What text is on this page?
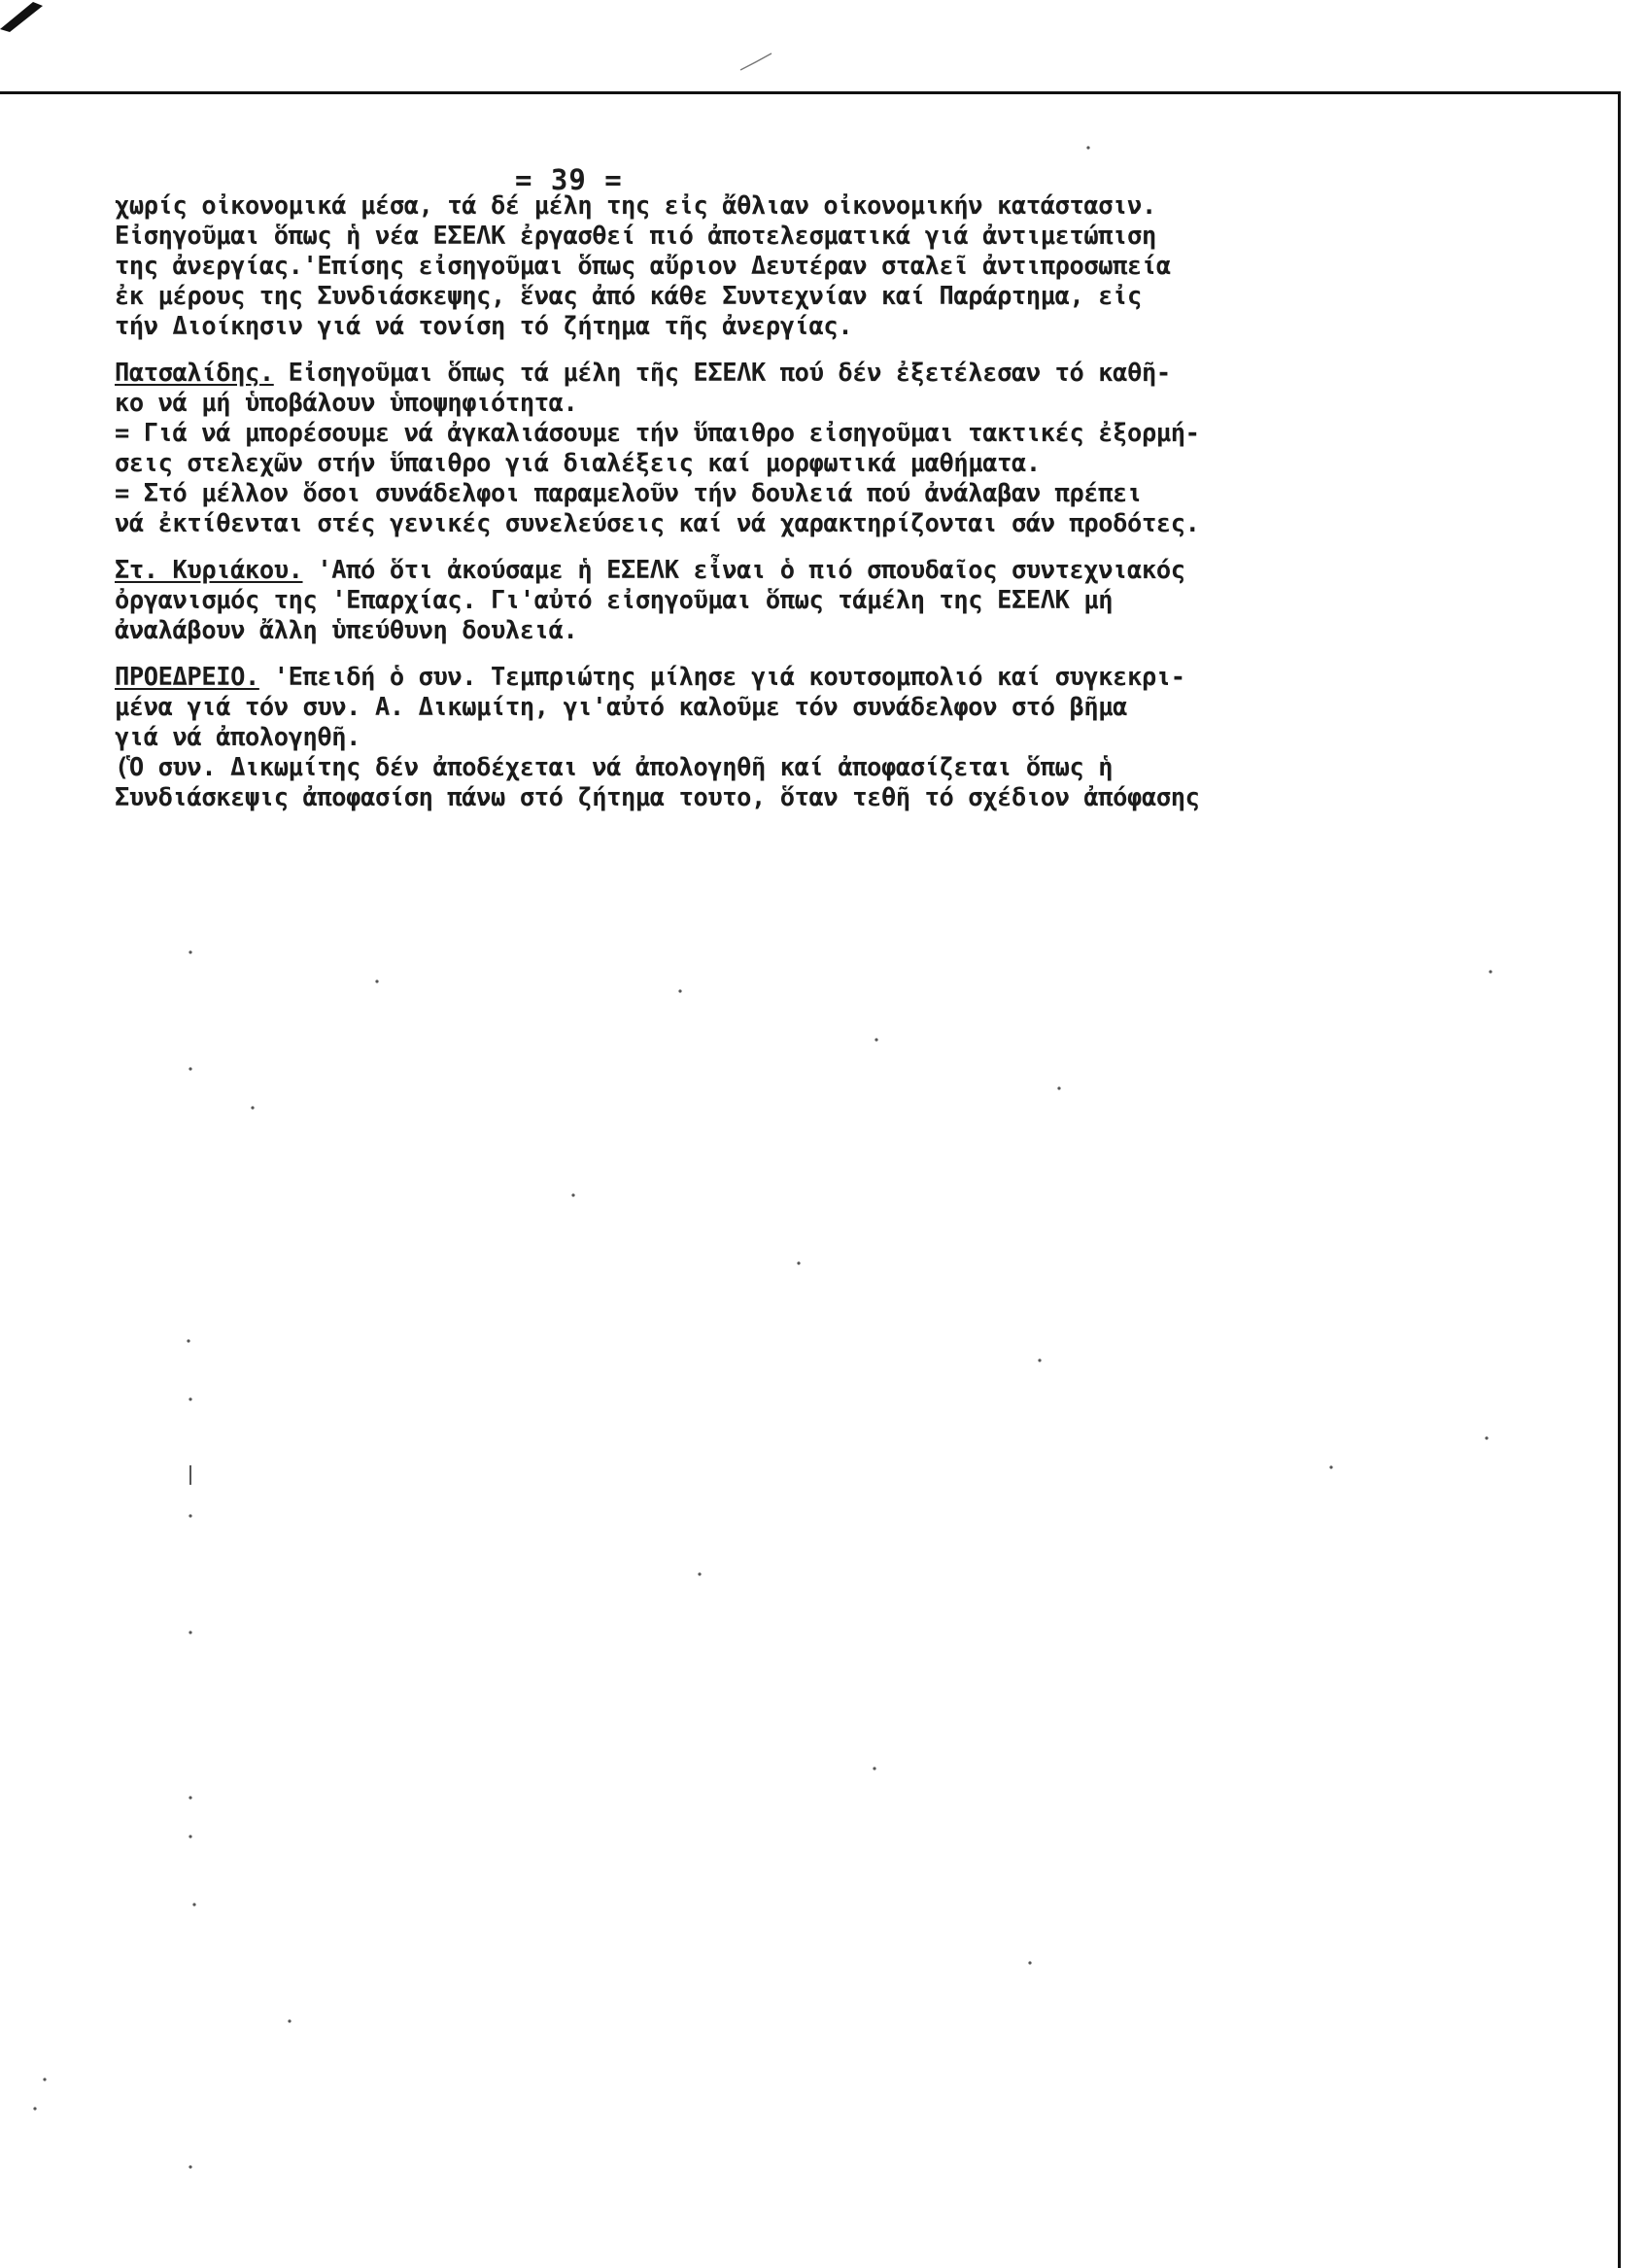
= 39 =
χωρίς οἰκονομικά μέσα, τά δέ μέλη της εἰς ἄθλιαν οἰκονομικήν κατάστασιν.
Εἰσηγοῦμαι ὅπως ἡ νέα ΕΣΕΛΚ ἐργασθεί πιό ἀποτελεσματικά γιά ἀντιμετώπιση
της ἀνεργίας.'Επίσης εἰσηγοῦμαι ὅπως αὔριον Δευτέραν σταλεῖ ἀντιπροσωπεία
ἐκ μέρους της Συνδιάσκεψης, ἕνας ἀπό κάθε Συντεχνίαν καί Παράρτημα, εἰς
τήν Διοίκησιν γιά νά τονίση τό ζήτημα τῆς ἀνεργίας.
Πατσαλίδης. Εἰσηγοῦμαι ὅπως τά μέλη τῆς ΕΣΕΛΚ πού δέν ἐξετέλεσαν τό καθῆ-
κο νά μή ὑποβάλουν ὑποψηφιότητα.
= Γιά νά μπορέσουμε νά ἀγκαλιάσουμε τήν ὕπαιθρο εἰσηγοῦμαι τακτικές ἐξορμή-
σεις στελεχῶν στήν ὕπαιθρο γιά διαλέξεις καί μορφωτικά μαθήματα.
= Στό μέλλον ὅσοι συνάδελφοι παραμελοῦν τήν δουλειά πού ἀνάλαβαν πρέπει
νά ἐκτίθενται στές γενικές συνελεύσεις καί νά χαρακτηρίζονται σάν προδότες.
Στ. Κυριάκου. 'Από ὅτι ἀκούσαμε ἡ ΕΣΕΛΚ εἶναι ὁ πιό σπουδαῖος συντεχνιακός
ὀργανισμός της 'Επαρχίας. Γι'αὐτό εἰσηγοῦμαι ὅπως τάμέλη της ΕΣΕΛΚ μή
ἀναλάβουν ἄλλη ὑπεύθυνη δουλειά.
ΠΡΟΕΔΡΕΙΟ. 'Επειδή ὁ συν. Τεμπριώτης μίλησε γιά κουτσομπολιό καί συγκεκρι-
μένα γιά τόν συν. Α. Δικωμίτη, γι'αὐτό καλοῦμε τόν συνάδελφον στό βῆμα
γιά νά ἀπολογηθῆ.
(Ὁ συν. Δικωμίτης δέν ἀποδέχεται νά ἀπολογηθῆ καί ἀποφασίζεται ὅπως ἡ
Συνδιάσκεψις ἀποφασίση πάνω στό ζήτημα τουτο, ὅταν τεθῆ τό σχέδιον ἀπόφασης
